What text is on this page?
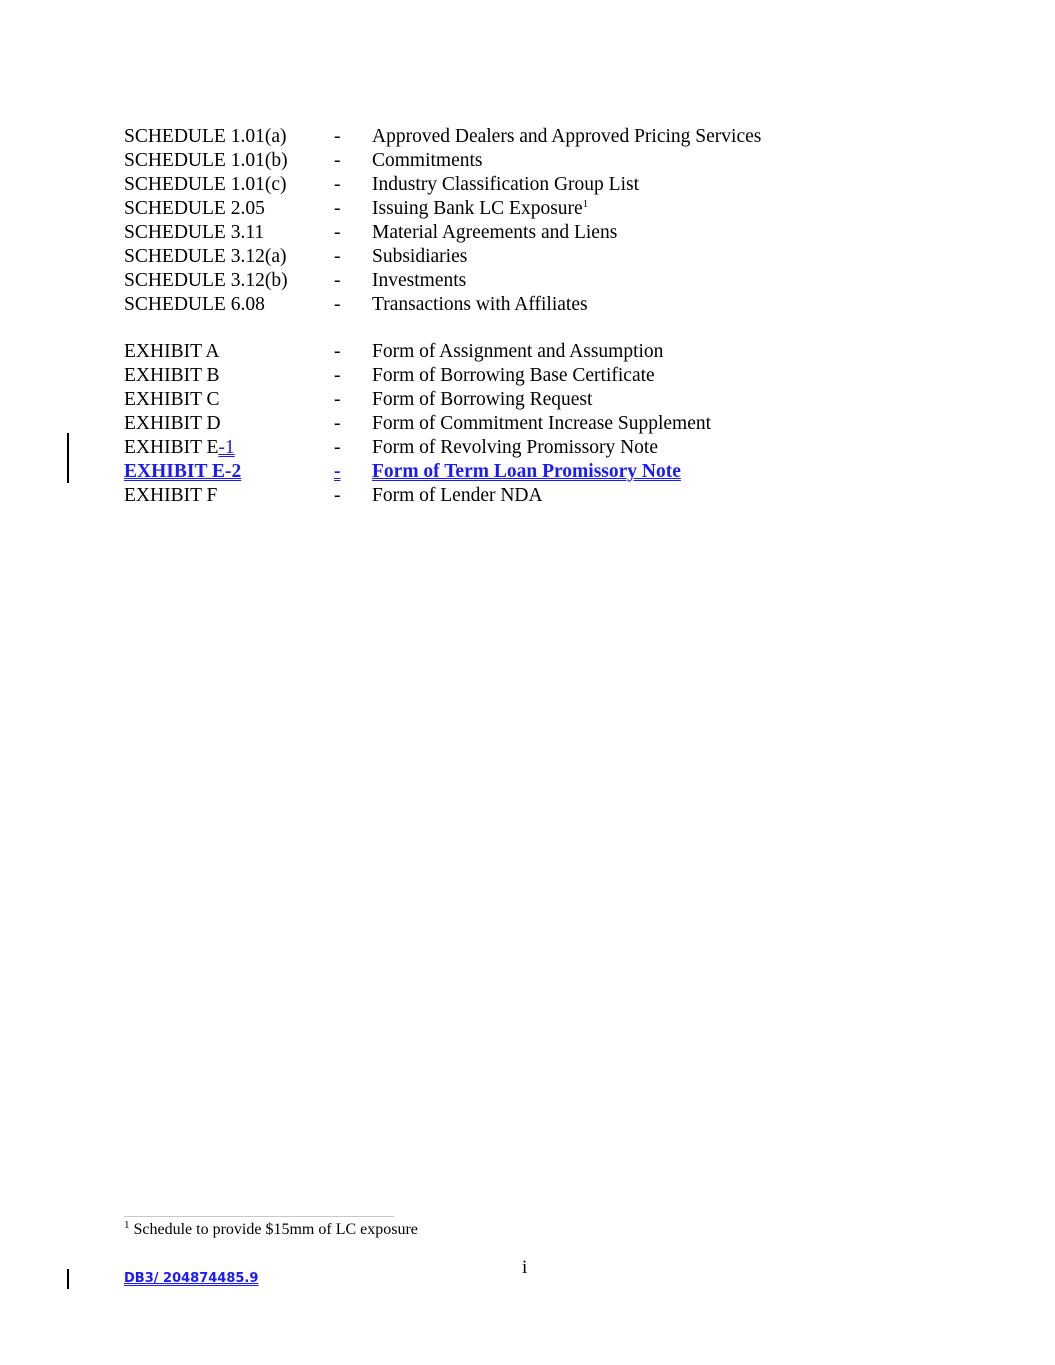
SCHEDULE 1.01(a) - Approved Dealers and Approved Pricing Services
SCHEDULE 1.01(b) - Commitments
SCHEDULE 1.01(c) - Industry Classification Group List
SCHEDULE 2.05	- Issuing Bank LC Exposure$^1$
SCHEDULE 3.11	- Material Agreements and Liens
SCHEDULE 3.12(a) - Subsidiaries
SCHEDULE 3.12(b) - Investments
SCHEDULE 6.08	- Transactions with Affiliates
EXHIBIT A	- Form of Assignment and Assumption
EXHIBIT B	- Form of Borrowing Base Certificate
EXHIBIT C	- Form of Borrowing Request
EXHIBIT D	- Form of Commitment Increase Supplement
EXHIBIT E-1	- Form of Revolving Promissory Note
EXHIBIT E-2	- Form of Term Loan Promissory Note
EXHIBIT F	- Form of Lender NDA
$^1$ Schedule to provide $15mm of LC exposure
i
DB3/ 204874485.9
